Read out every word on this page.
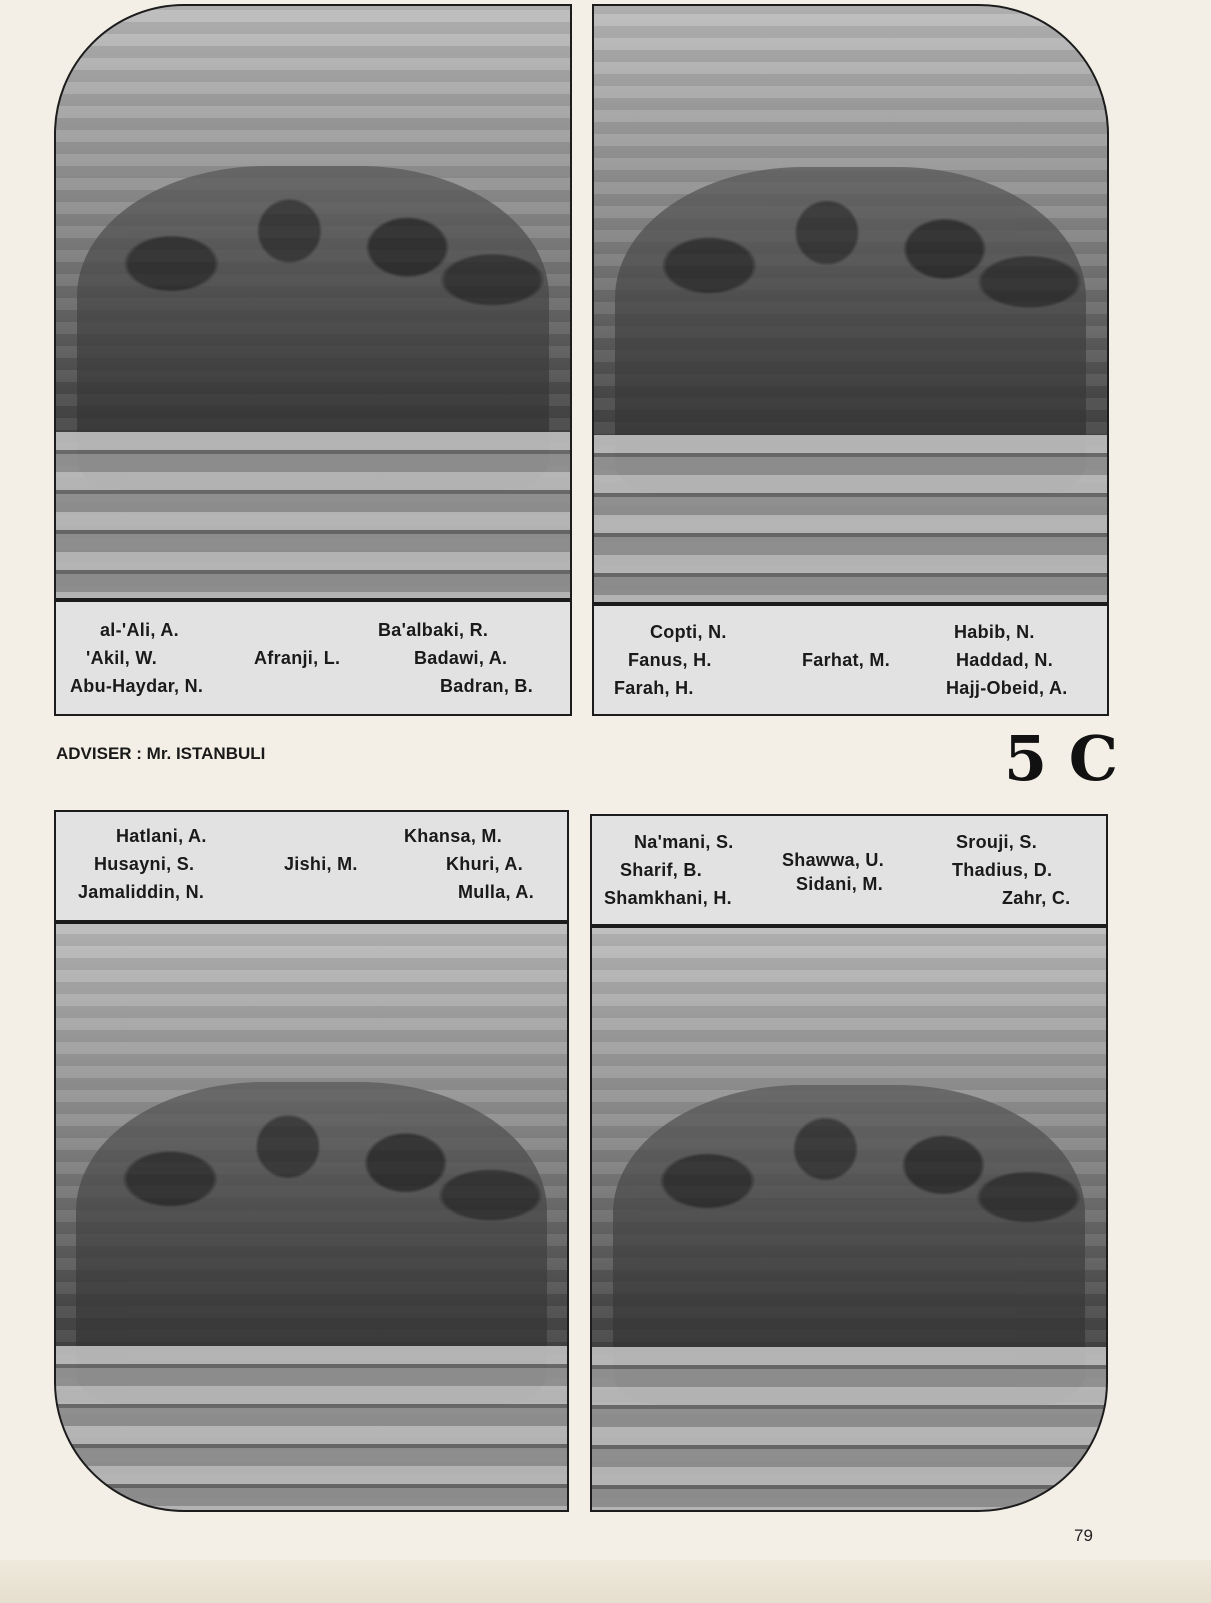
al-'Ali, A.
'Akil, W.
Abu-Haydar, N.
Afranji, L.
Ba'albaki, R.
Badawi, A.
Badran, B.
Copti, N.
Fanus, H.
Farah, H.
Farhat, M.
Habib, N.
Haddad, N.
Hajj-Obeid, A.
ADVISER : Mr. ISTANBULI	5 C
Hatlani, A.
Husayni, S.
Jamaliddin, N.
Jishi, M.
Khansa, M.
Khuri, A.
Mulla, A.
Na'mani, S.
Sharif, B.
Shamkhani, H.
Shawwa, U.
Sidani, M.
Srouji, S.
Thadius, D.
Zahr, C.
79
